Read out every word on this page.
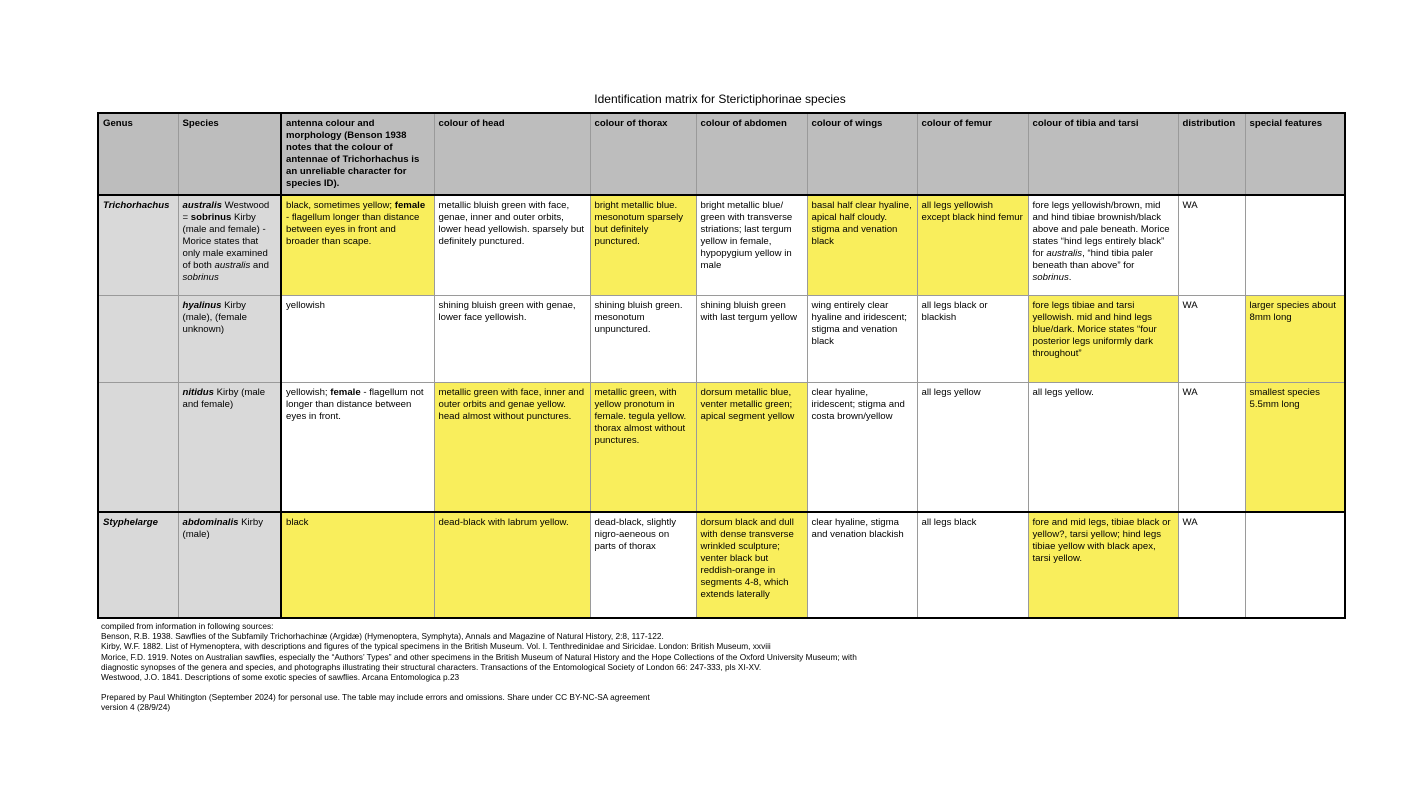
Identification matrix for Sterictiphorinae species
Genus	Species	antenna colour and morphology (Benson 1938 notes that the colour of antennae of Trichorhachus is an unreliable character for species ID).	colour of head	colour of thorax	colour of abdomen	colour of wings	colour of femur	colour of tibia and tarsi	distribution	special features
Trichorhachus	australis Westwood = sobrinus Kirby (male and female) - Morice states that only male examined of both australis and sobrinus	black, sometimes yellow; female - flagellum longer than distance between eyes in front and broader than scape.	metallic bluish green with face, genae, inner and outer orbits, lower head yellowish. sparsely but definitely punctured.	bright metallic blue. mesonotum sparsely but definitely punctured.	bright metallic blue/ green with transverse striations; last tergum yellow in female, hypopygium yellow in male	basal half clear hyaline, apical half cloudy. stigma and venation black	all legs yellowish except black hind femur	fore legs yellowish/brown, mid and hind tibiae brownish/black above and pale beneath. Morice states “hind legs entirely black” for australis, “hind tibia paler beneath than above” for sobrinus.	WA	
	hyalinus Kirby (male), (female unknown)	yellowish	shining bluish green with genae, lower face yellowish.	shining bluish green. mesonotum unpunctured.	shining bluish green with last tergum yellow	wing entirely clear hyaline and iridescent; stigma and venation black	all legs black or blackish	fore legs tibiae and tarsi yellowish. mid and hind legs blue/dark. Morice states “four posterior legs uniformly dark throughout”	WA	larger species about 8mm long
	nitidus Kirby (male and female)	yellowish; female - flagellum not longer than distance between eyes in front.	metallic green with face, inner and outer orbits and genae yellow. head almost without punctures.	metallic green, with yellow pronotum in female. tegula yellow. thorax almost without punctures.	dorsum metallic blue, venter metallic green; apical segment yellow	clear hyaline, iridescent; stigma and costa brown/yellow	all legs yellow	all legs yellow.	WA	smallest species 5.5mm long
Styphelarge	abdominalis Kirby (male)	black	dead-black with labrum yellow.	dead-black, slightly nigro-aeneous on parts of thorax	dorsum black and dull with dense transverse wrinkled sculpture; venter black but reddish-orange in segments 4-8, which extends laterally	clear hyaline, stigma and venation blackish	all legs black	fore and mid legs, tibiae black or yellow?, tarsi yellow; hind legs tibiae yellow with black apex, tarsi yellow.	WA	
compiled from information in following sources:
Benson, R.B. 1938. Sawflies of the Subfamily Trichorhachinæ (Argidæ) (Hymenoptera, Symphyta), Annals and Magazine of Natural History, 2:8, 117-122.
Kirby, W.F. 1882. List of Hymenoptera, with descriptions and figures of the typical specimens in the British Museum. Vol. I. Tenthredinidae and Siricidae. London: British Museum, xxviii
Morice, F.D. 1919. Notes on Australian sawflies, especially the “Authors’ Types” and other specimens in the British Museum of Natural History and the Hope Collections of the Oxford University Museum; with
diagnostic synopses of the genera and species, and photographs illustrating their structural characters. Transactions of the Entomological Society of London 66: 247-333, pls XI-XV.
Westwood, J.O. 1841. Descriptions of some exotic species of sawflies. Arcana Entomologica p.23
Prepared by Paul Whitington (September 2024) for personal use. The table may include errors and omissions. Share under CC BY-NC-SA agreement
version 4 (28/9/24)
